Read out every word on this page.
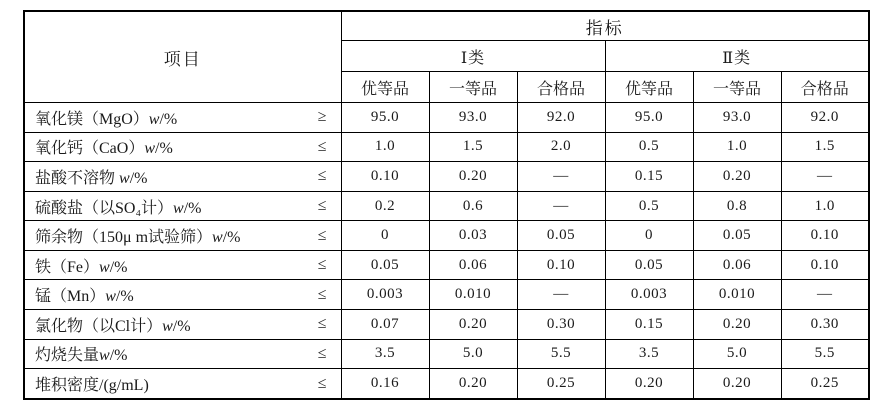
项目	指标					
	Ⅰ类			Ⅱ类		
	优等品	一等品	合格品	优等品	一等品	合格品

氧化镁（MgO）w/% ≥	95.0	93.0	92.0	95.0	93.0	92.0

氧化钙（CaO）w/% ≤	1.0	1.5	2.0	0.5	1.0	1.5

盐酸不溶物 w/% ≤	0.10	0.20	—	0.15	0.20	—

硫酸盐（以SO₄计）w/% ≤	0.2	0.6	—	0.5	0.8	1.0

筛余物（150μ m试验筛）w/% ≤	0	0.03	0.05	0	0.05	0.10

铁（Fe）w/% ≤	0.05	0.06	0.10	0.05	0.06	0.10

锰（Mn）w/% ≤	0.003	0.010	—	0.003	0.010	—

氯化物（以Cl计）w/% ≤	0.07	0.20	0.30	0.15	0.20	0.30

灼烧失量w/% ≤	3.5	5.0	5.5	3.5	5.0	5.5

堆积密度/(g/mL) ≤	0.16	0.20	0.25	0.20	0.20	0.25
